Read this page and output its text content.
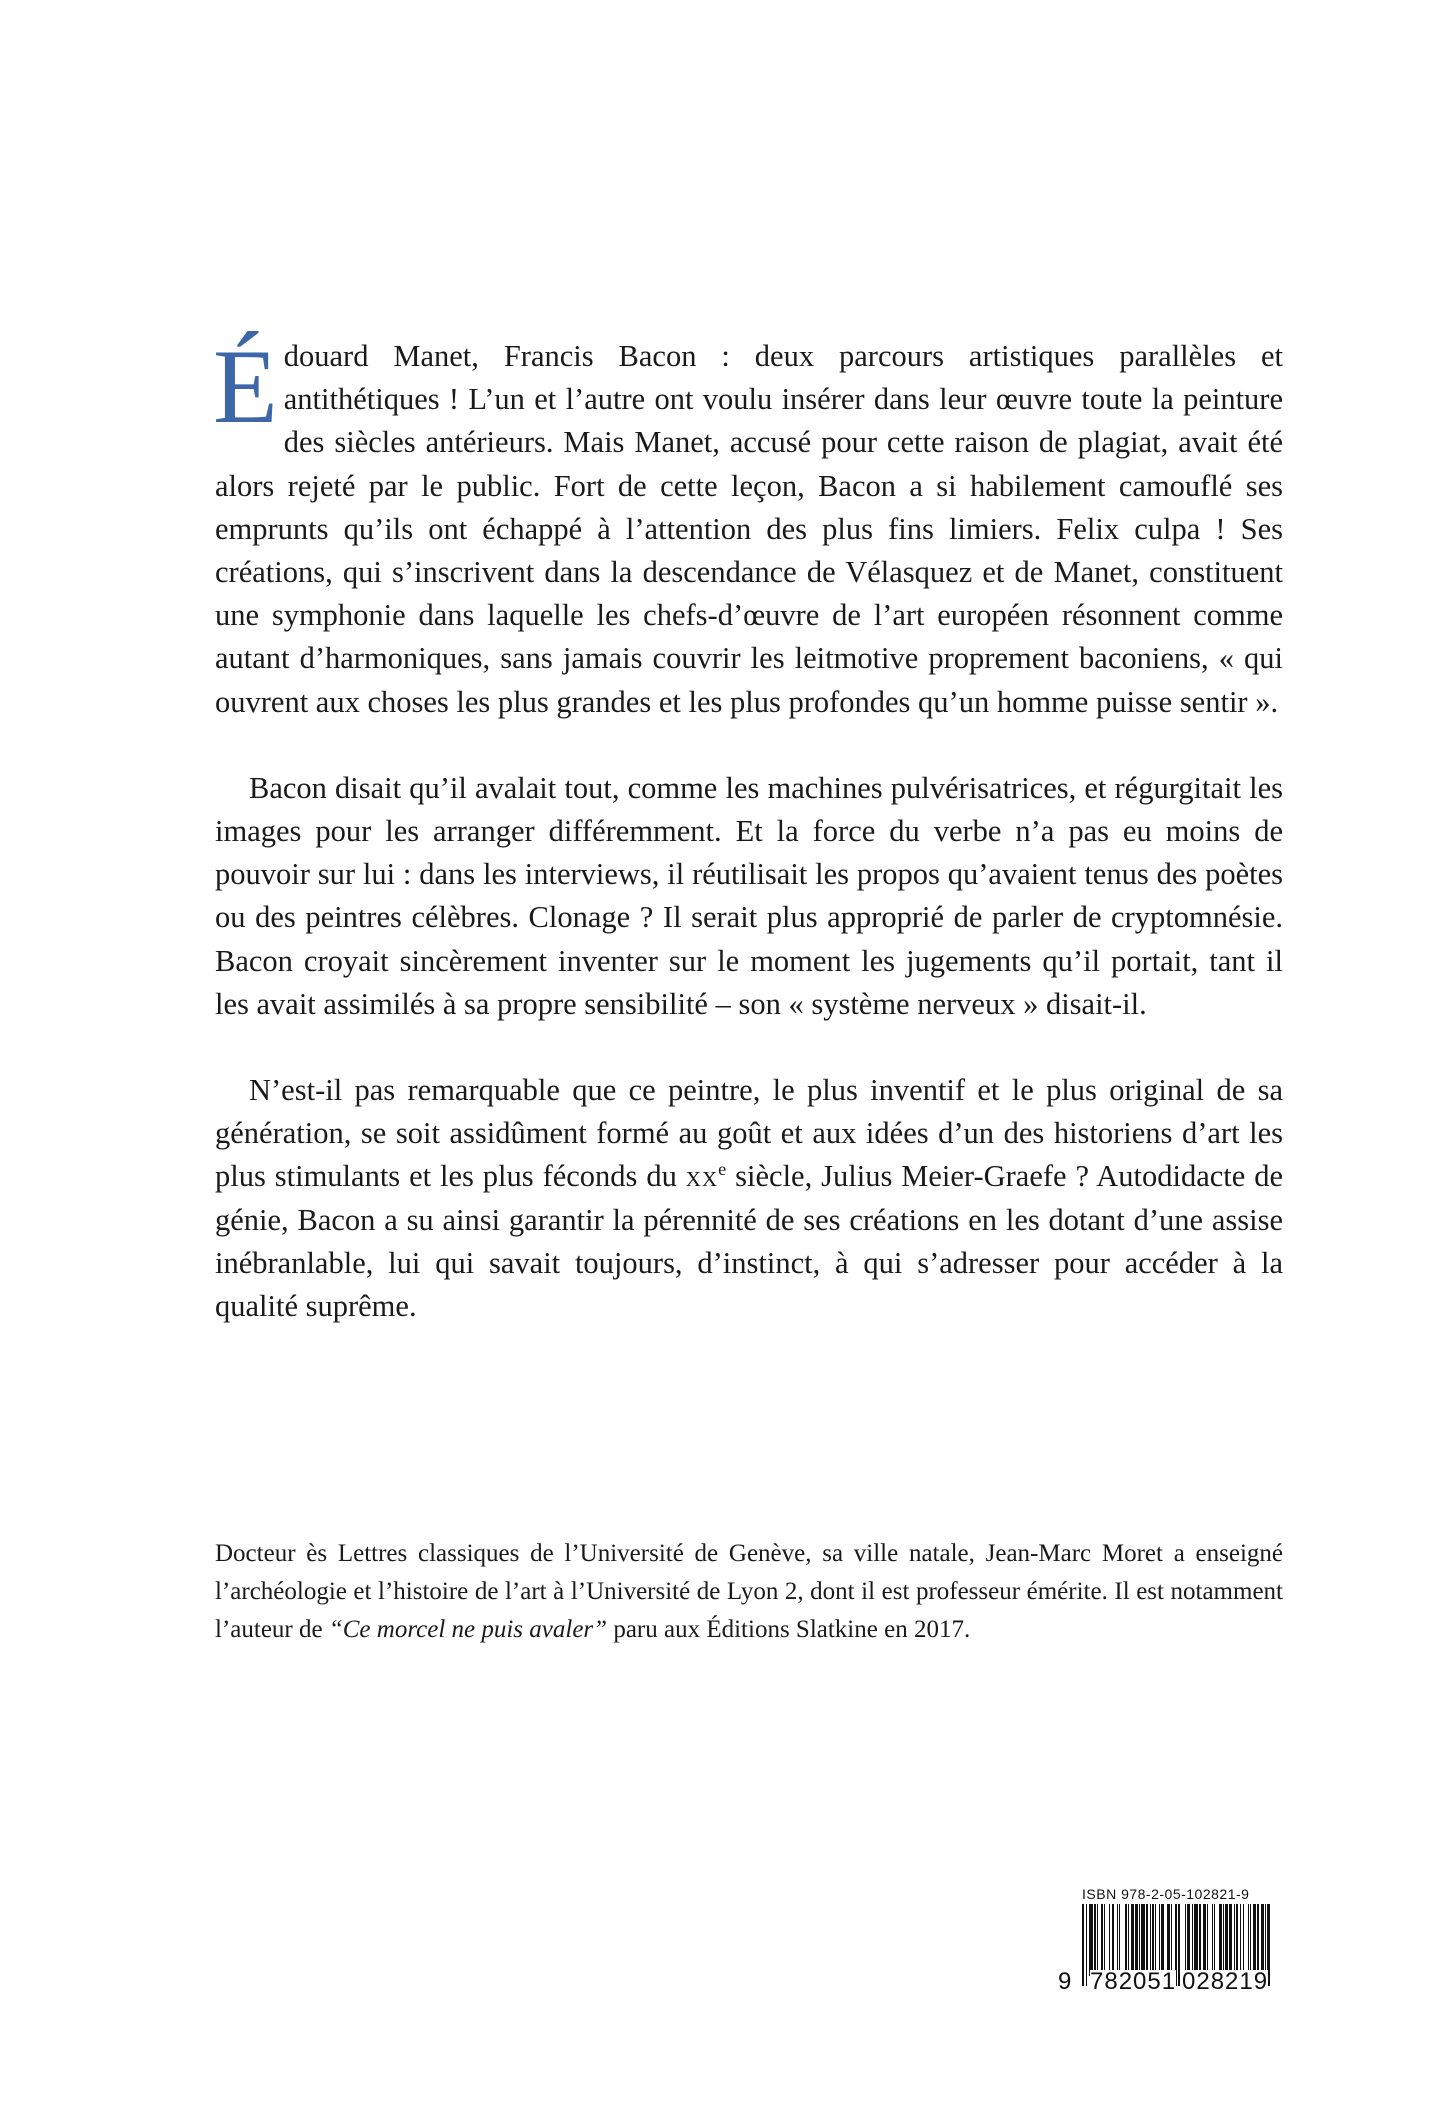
Édouard Manet, Francis Bacon : deux parcours artistiques parallèles et antithétiques ! L’un et l’autre ont voulu insérer dans leur œuvre toute la peinture des siècles antérieurs. Mais Manet, accusé pour cette raison de plagiat, avait été alors rejeté par le public. Fort de cette leçon, Bacon a si habilement camouflé ses emprunts qu’ils ont échappé à l’attention des plus fins limiers. Felix culpa ! Ses créations, qui s’inscrivent dans la descendance de Vélasquez et de Manet, constituent une symphonie dans laquelle les chefs-d’œuvre de l’art européen résonnent comme autant d’harmoniques, sans jamais couvrir les leitmotive proprement baconiens, « qui ouvrent aux choses les plus grandes et les plus profondes qu’un homme puisse sentir ».

Bacon disait qu’il avalait tout, comme les machines pulvérisatrices, et régurgitait les images pour les arranger différemment. Et la force du verbe n’a pas eu moins de pouvoir sur lui : dans les interviews, il réutilisait les propos qu’avaient tenus des poètes ou des peintres célèbres. Clonage ? Il serait plus approprié de parler de cryptomnésie. Bacon croyait sincèrement inventer sur le moment les jugements qu’il portait, tant il les avait assimilés à sa propre sensibilité – son « système nerveux » disait-il.

N’est-il pas remarquable que ce peintre, le plus inventif et le plus original de sa génération, se soit assidûment formé au goût et aux idées d’un des historiens d’art les plus stimulants et les plus féconds du $xx^e$ siècle, Julius Meier-Graefe ? Autodidacte de génie, Bacon a su ainsi garantir la pérennité de ses créations en les dotant d’une assise inébranlable, lui qui savait toujours, d’instinct, à qui s’adresser pour accéder à la qualité suprême.

Docteur ès Lettres classiques de l’Université de Genève, sa ville natale, Jean-Marc Moret a enseigné l’archéologie et l’histoire de l’art à l’Université de Lyon 2, dont il est professeur émérite. Il est notamment l’auteur de “Ce morcel ne puis avaler” paru aux Éditions Slatkine en 2017.

ISBN 978-2-05-102821-9
9 782051 028219
